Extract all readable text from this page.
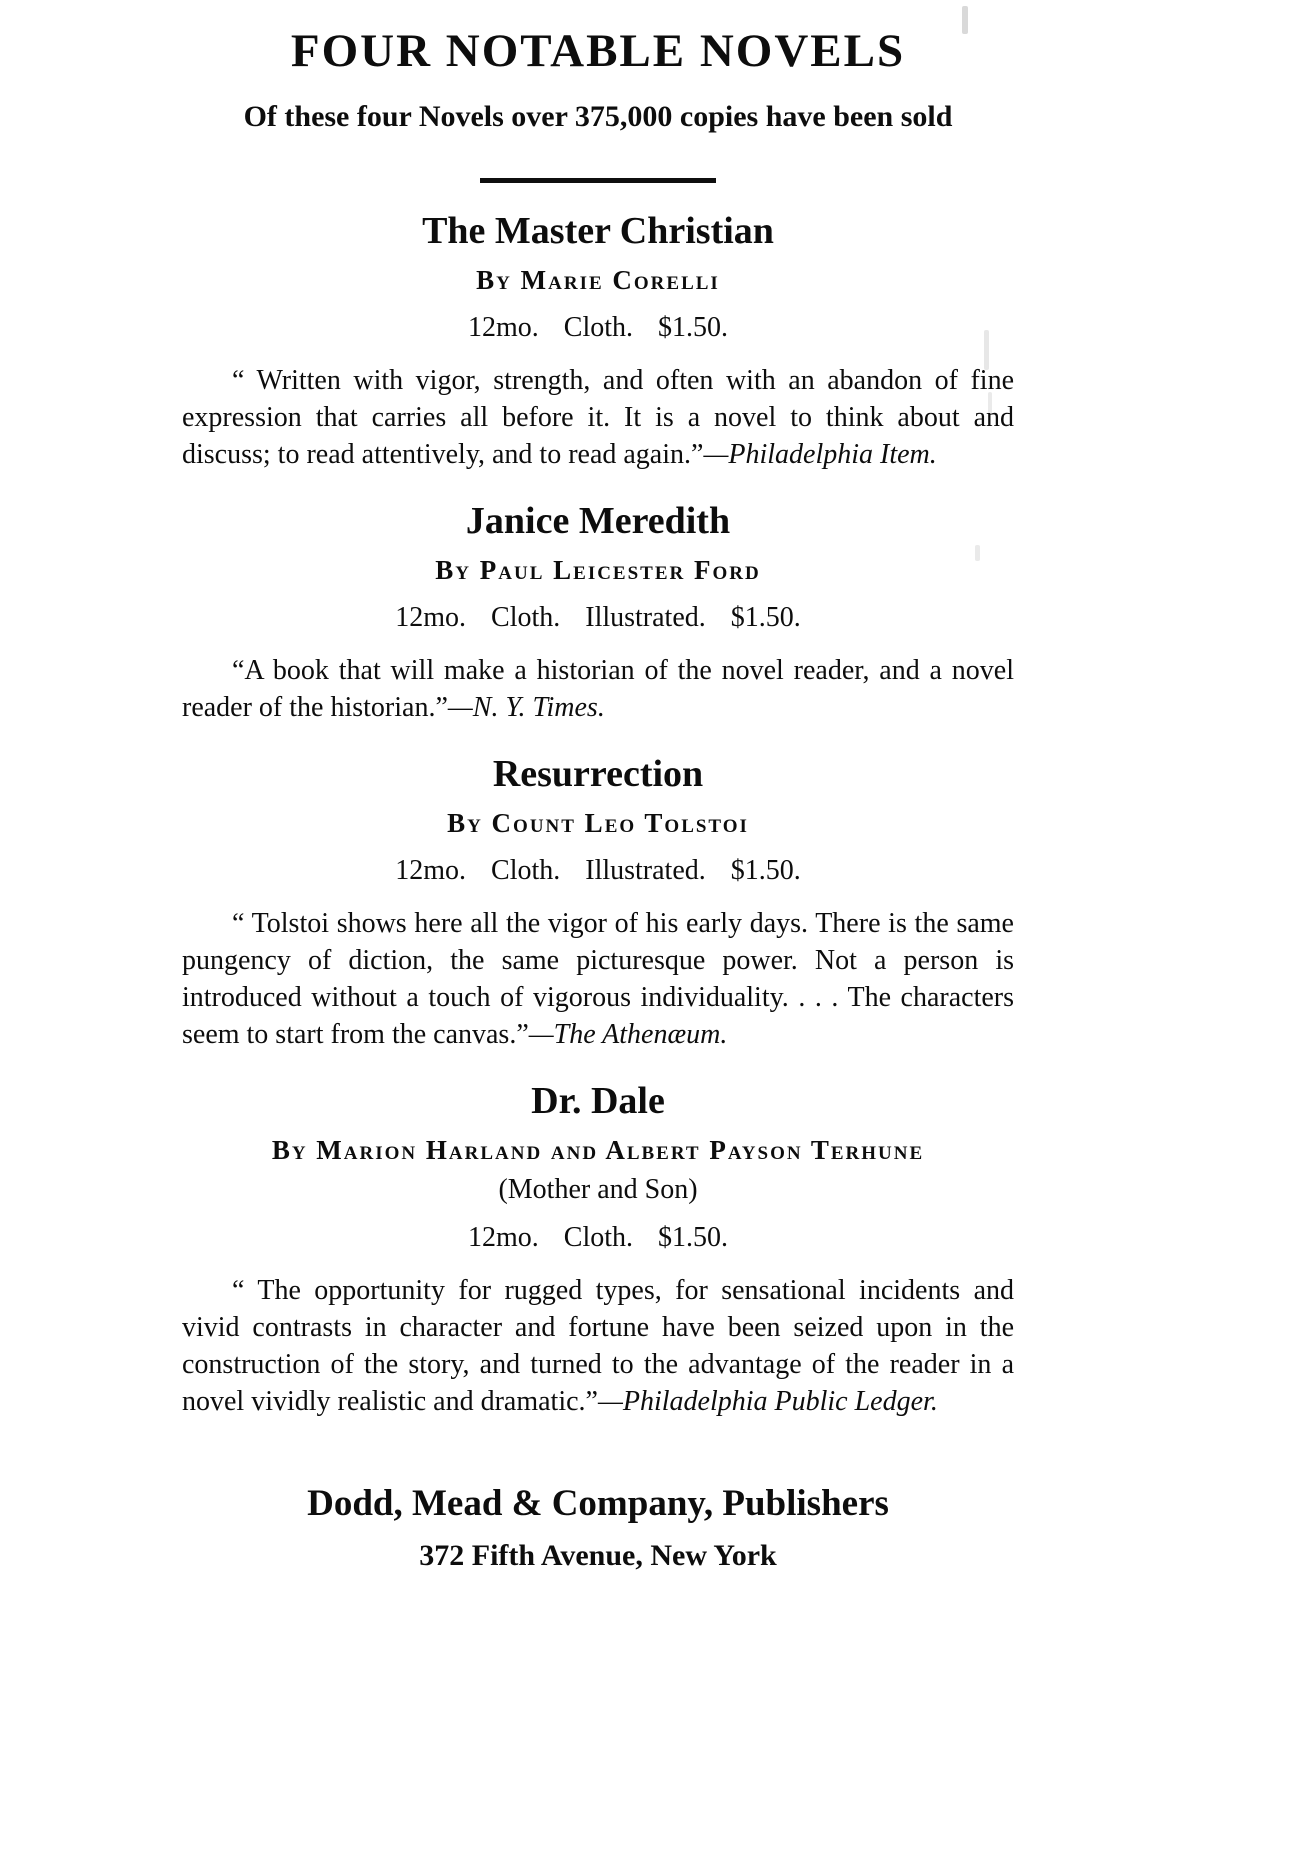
FOUR NOTABLE NOVELS
Of these four Novels over 375,000 copies have been sold
The Master Christian
By Marie Corelli
12mo. Cloth. $1.50.

“ Written with vigor, strength, and often with an abandon of fine expression that carries all before it. It is a novel to think about and discuss; to read attentively, and to read again.”—Philadelphia Item.

Janice Meredith
By Paul Leicester Ford
12mo. Cloth. Illustrated. $1.50.

“A book that will make a historian of the novel reader, and a novel reader of the historian.”—N. Y. Times.

Resurrection
By Count Leo Tolstoi
12mo. Cloth. Illustrated. $1.50.

“ Tolstoi shows here all the vigor of his early days. There is the same pungency of diction, the same picturesque power. Not a person is introduced without a touch of vigorous individuality. . . . The characters seem to start from the canvas.”—The Athenæum.

Dr. Dale
By Marion Harland and Albert Payson Terhune
(Mother and Son)
12mo. Cloth. $1.50.

“ The opportunity for rugged types, for sensational incidents and vivid contrasts in character and fortune have been seized upon in the construction of the story, and turned to the advantage of the reader in a novel vividly realistic and dramatic.”—Philadelphia Public Ledger.

Dodd, Mead & Company, Publishers
372 Fifth Avenue, New York
